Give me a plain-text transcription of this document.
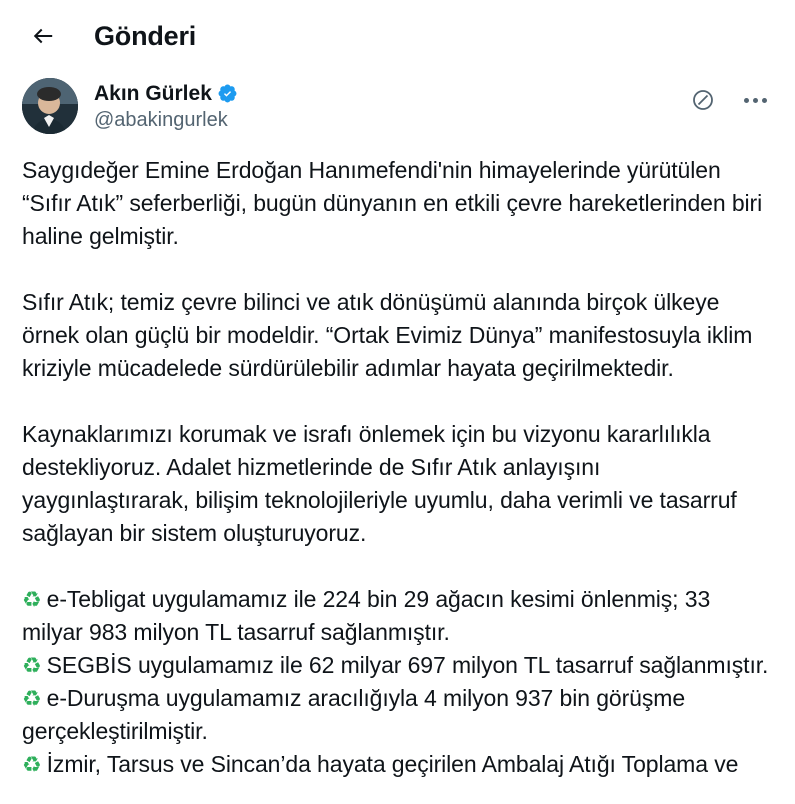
Gönderi
Akın Gürlek
@abakingurlek

Saygıdeğer Emine Erdoğan Hanımefendi'nin himayelerinde yürütülen “Sıfır Atık” seferberliği, bugün dünyanın en etkili çevre hareketlerinden biri haline gelmiştir.

Sıfır Atık; temiz çevre bilinci ve atık dönüşümü alanında birçok ülkeye örnek olan güçlü bir modeldir. “Ortak Evimiz Dünya” manifestosuyla iklim kriziyle mücadelede sürdürülebilir adımlar hayata geçirilmektedir.

Kaynaklarımızı korumak ve israfı önlemek için bu vizyonu kararlılıkla destekliyoruz. Adalet hizmetlerinde de Sıfır Atık anlayışını yaygınlaştırarak, bilişim teknolojileriyle uyumlu, daha verimli ve tasarruf sağlayan bir sistem oluşturuyoruz.

♻ e-Tebligat uygulamamız ile 224 bin 29 ağacın kesimi önlenmiş; 33 milyar 983 milyon TL tasarruf sağlanmıştır.
♻ SEGBİS uygulamamız ile 62 milyar 697 milyon TL tasarruf sağlanmıştır.
♻ e-Duruşma uygulamamız aracılığıyla 4 milyon 937 bin görüşme gerçekleştirilmiştir.
♻ İzmir, Tarsus ve Sincan’da hayata geçirilen Ambalaj Atığı Toplama ve
